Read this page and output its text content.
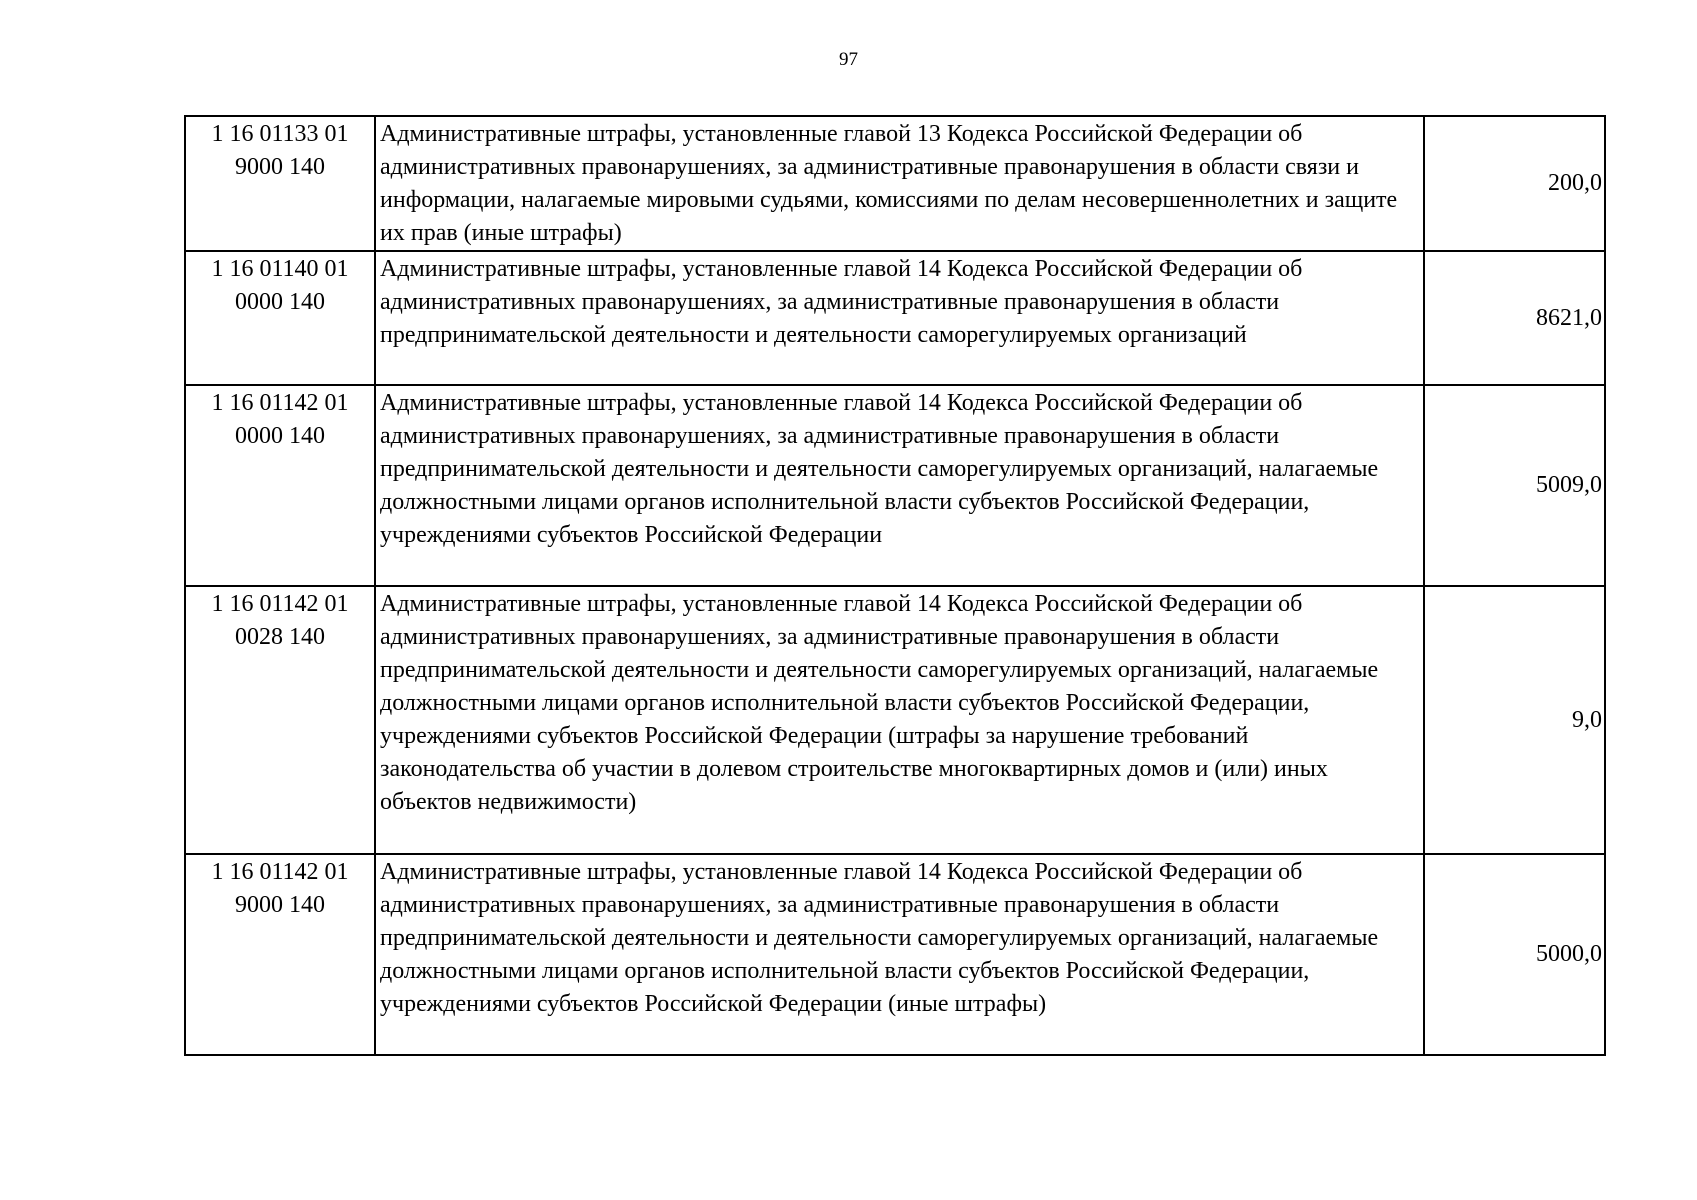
97
1 16 01133 01
9000 140	Административные штрафы, установленные главой 13 Кодекса Российской Федерации об административных правонарушениях, за административные правонарушения в области связи и информации, налагаемые мировыми судьями, комиссиями по делам несовершеннолетних и защите их прав (иные штрафы)	200,0

1 16 01140 01
0000 140	Административные штрафы, установленные главой 14 Кодекса Российской Федерации об административных правонарушениях, за административные правонарушения в области предпринимательской деятельности и деятельности саморегулируемых организаций	8621,0

1 16 01142 01
0000 140	Административные штрафы, установленные главой 14 Кодекса Российской Федерации об административных правонарушениях, за административные правонарушения в области предпринимательской деятельности и деятельности саморегулируемых организаций, налагаемые должностными лицами органов исполнительной власти субъектов Российской Федерации, учреждениями субъектов Российской Федерации	5009,0

1 16 01142 01
0028 140	Административные штрафы, установленные главой 14 Кодекса Российской Федерации об административных правонарушениях, за административные правонарушения в области предпринимательской деятельности и деятельности саморегулируемых организаций, налагаемые должностными лицами органов исполнительной власти субъектов Российской Федерации, учреждениями субъектов Российской Федерации (штрафы за нарушение требований законодательства об участии в долевом строительстве многоквартирных домов и (или) иных объектов недвижимости)	9,0

1 16 01142 01
9000 140	Административные штрафы, установленные главой 14 Кодекса Российской Федерации об административных правонарушениях, за административные правонарушения в области предпринимательской деятельности и деятельности саморегулируемых организаций, налагаемые должностными лицами органов исполнительной власти субъектов Российской Федерации, учреждениями субъектов Российской Федерации (иные штрафы)	5000,0
